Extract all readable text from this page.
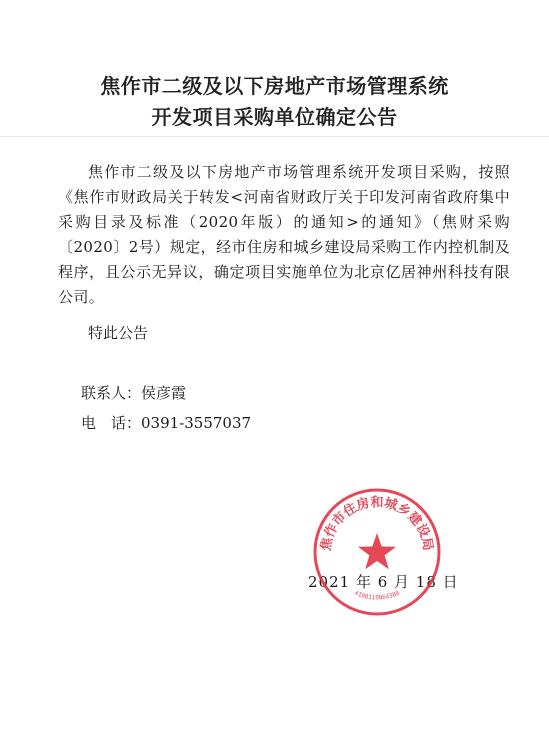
焦作市二级及以下房地产市场管理系统
开发项目采购单位确定公告
焦作市二级及以下房地产市场管理系统开发项目采购，按照《焦作市财政局关于转发<河南省财政厅关于印发河南省政府集中采购目录及标准（2020年版）的通知>的通知》（焦财采购〔2020〕2号）规定，经市住房和城乡建设局采购工作内控机制及程序，且公示无异议，确定项目实施单位为北京亿居神州科技有限公司。
特此公告
联系人：侯彦霞
电　话：0391-3557037
2021 年 6 月 18 日
焦作市住房和城乡建设局
4108110064388
